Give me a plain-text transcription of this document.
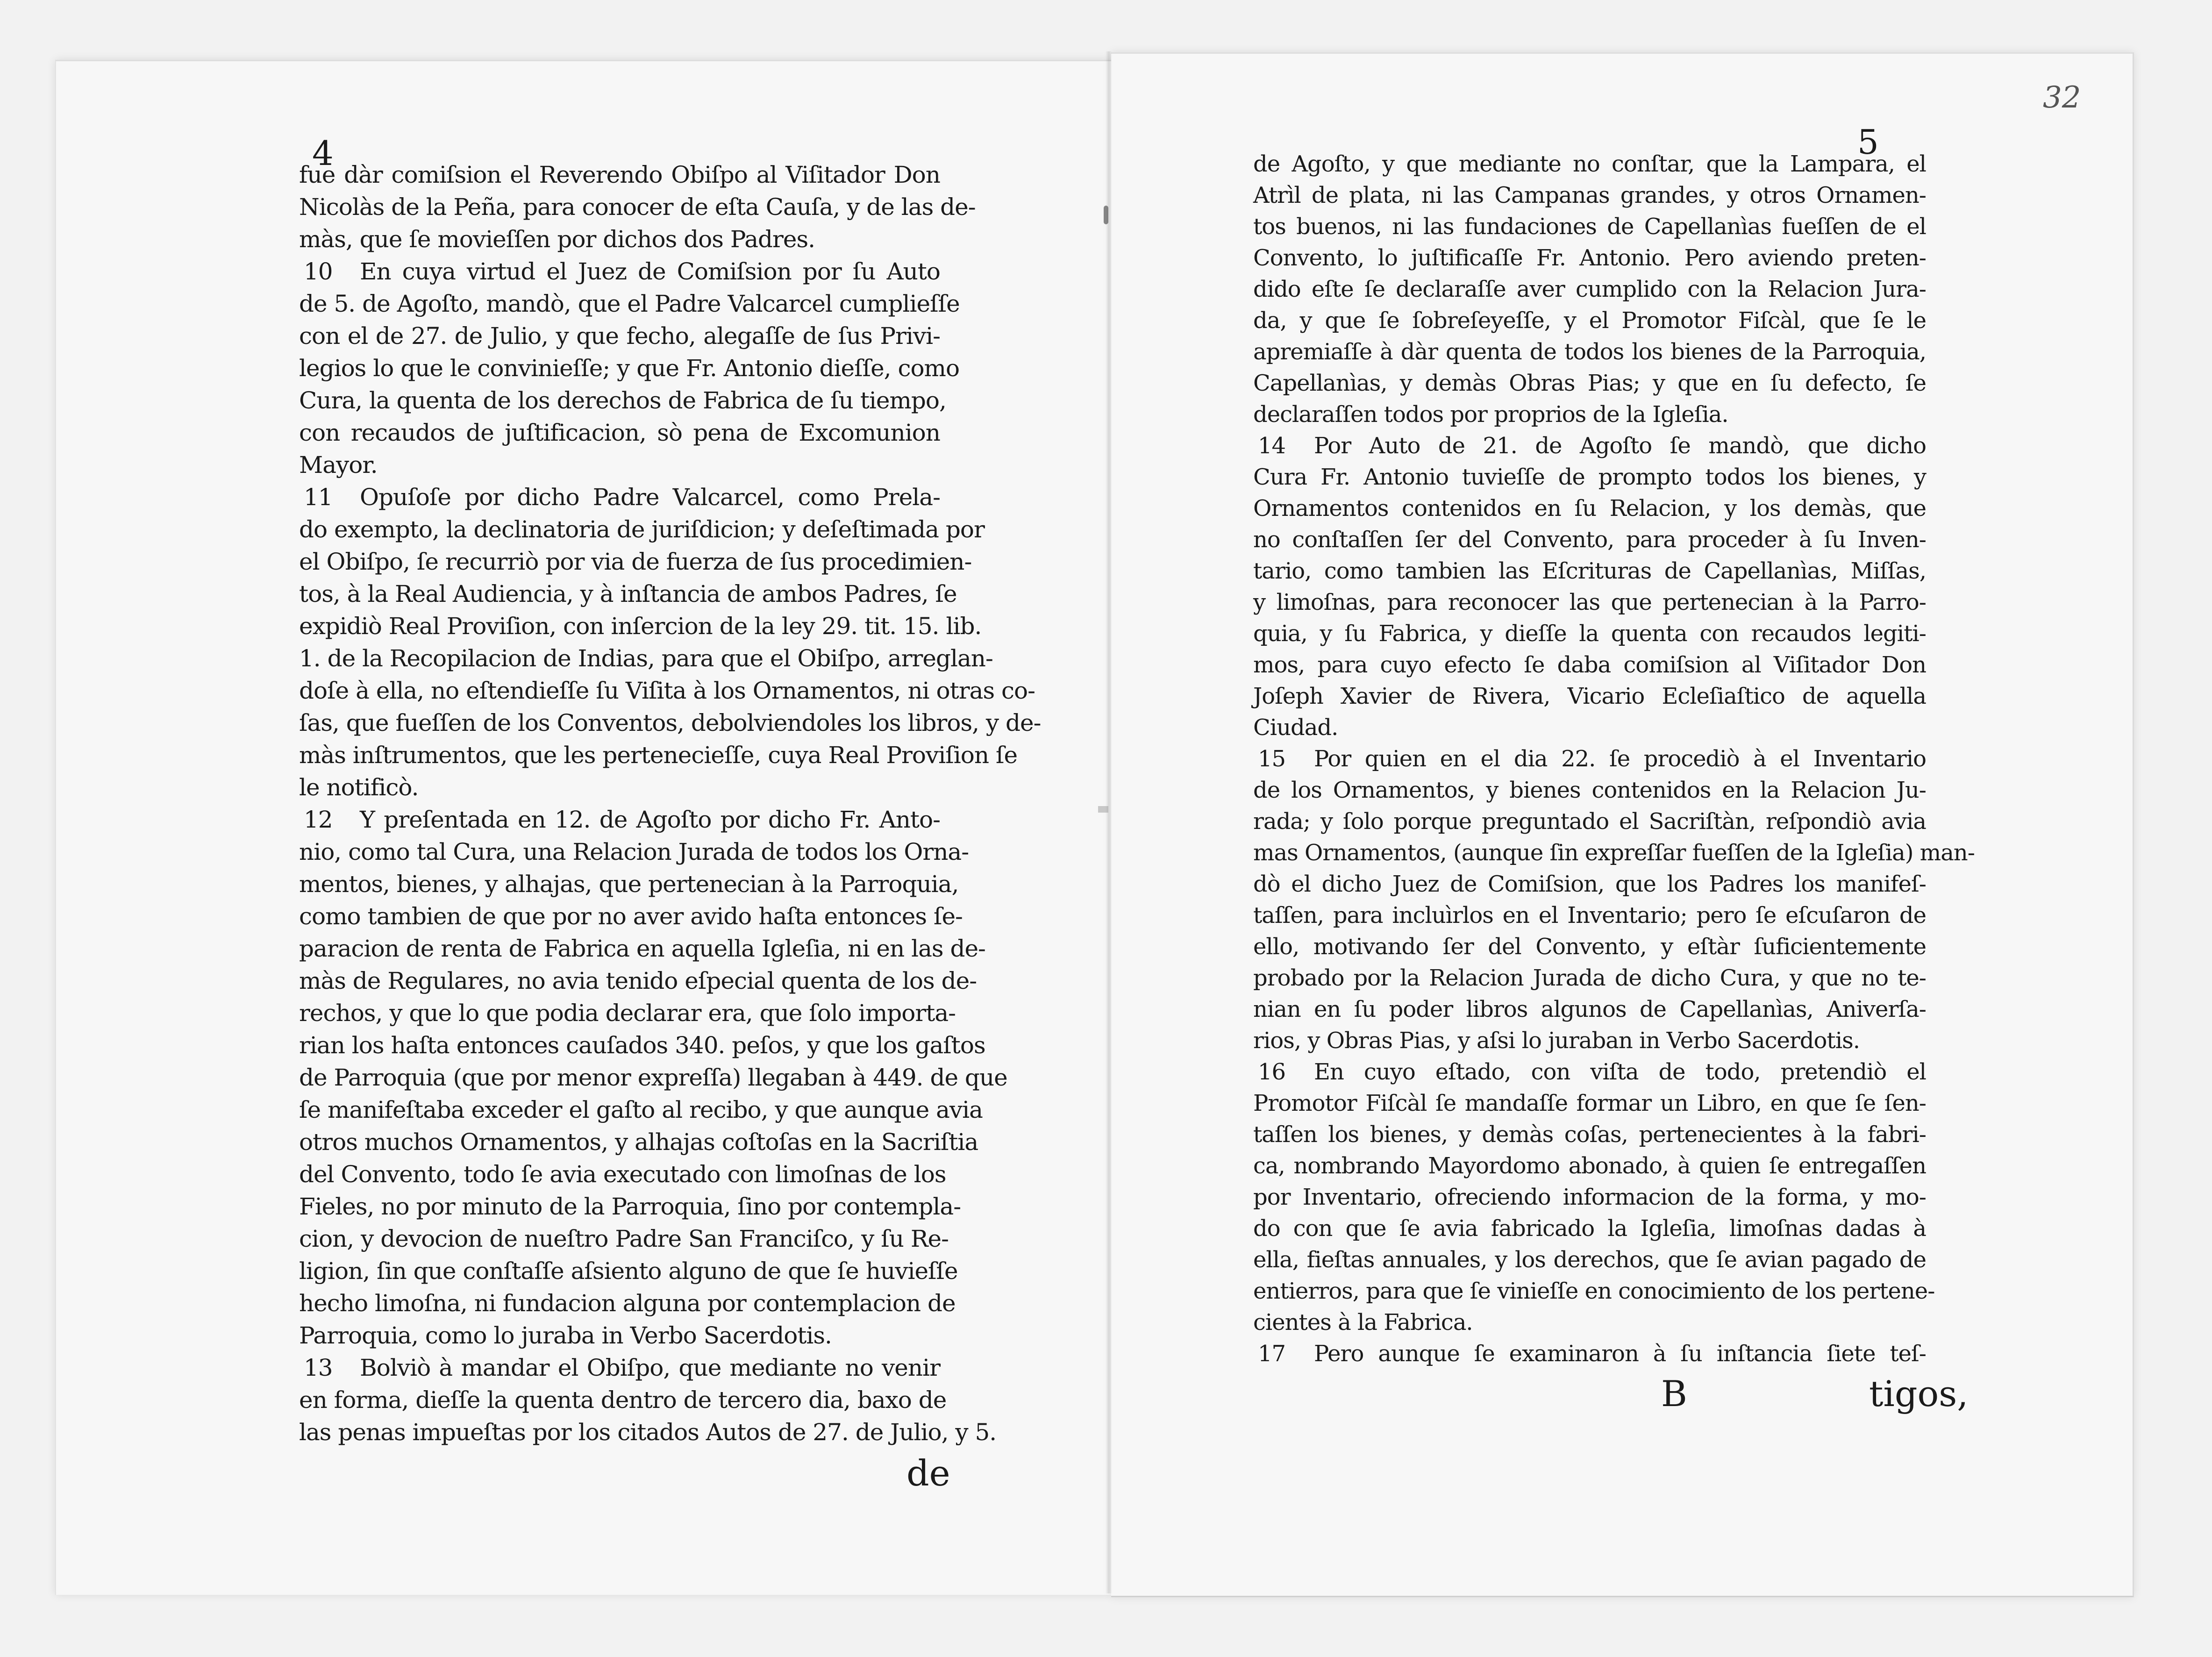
4
fue dàr comiſsion el Reverendo Obiſpo al Viſitador Don
Nicolàs de la Peña, para conocer de eſta Cauſa, y de las de-
màs, que ſe movieſſen por dichos dos Padres.
10 En cuya virtud el Juez de Comiſsion por ſu Auto
de 5. de Agoſto, mandò, que el Padre Valcarcel cumplieſſe
con el de 27. de Julio, y que fecho, alegaſſe de ſus Privi-
legios lo que le convinieſſe; y que Fr. Antonio dieſſe, como
Cura, la quenta de los derechos de Fabrica de ſu tiempo,
con recaudos de juſtificacion, sò pena de Excomunion
Mayor.
11 Opuſoſe por dicho Padre Valcarcel, como Prela-
do exempto, la declinatoria de juriſdicion; y deſeſtimada por
el Obiſpo, ſe recurriò por via de fuerza de ſus procedimien-
tos, à la Real Audiencia, y à inſtancia de ambos Padres, ſe
expidiò Real Proviſion, con inſercion de la ley 29. tit. 15. lib.
1. de la Recopilacion de Indias, para que el Obiſpo, arreglan-
doſe à ella, no eſtendieſſe ſu Viſita à los Ornamentos, ni otras co-
ſas, que fueſſen de los Conventos, debolviendoles los libros, y de-
màs inſtrumentos, que les perteneciеſſe, cuya Real Proviſion ſe
le notificò.
12 Y preſentada en 12. de Agoſto por dicho Fr. Anto-
nio, como tal Cura, una Relacion Jurada de todos los Orna-
mentos, bienes, y alhajas, que pertenecian à la Parroquia,
como tambien de que por no aver avido haſta entonces ſe-
paracion de renta de Fabrica en aquella Igleſia, ni en las de-
màs de Regulares, no avia tenido eſpecial quenta de los de-
rechos, y que lo que podia declarar era, que ſolo importa-
rian los haſta entonces cauſados 340. peſos, y que los gaſtos
de Parroquia (que por menor expreſſa) llegaban à 449. de que
ſe manifeſtaba exceder el gaſto al recibo, y que aunque avia
otros muchos Ornamentos, y alhajas coſtoſas en la Sacriſtia
del Convento, todo ſe avia executado con limoſnas de los
Fieles, no por minuto de la Parroquia, ſino por contempla-
cion, y devocion de nueſtro Padre San Franciſco, y ſu Re-
ligion, ſin que conſtaſſe aſsiento alguno de que ſe huvieſſe
hecho limoſna, ni fundacion alguna por contemplacion de
Parroquia, como lo juraba in Verbo Sacerdotis.
13 Bolviò à mandar el Obiſpo, que mediante no venir
en forma, dieſſe la quenta dentro de tercero dia, baxo de
las penas impueſtas por los citados Autos de 27. de Julio, y 5.
de
5
32
de Agoſto, y que mediante no conſtar, que la Lampara, el
Atrìl de plata, ni las Campanas grandes, y otros Ornamen-
tos buenos, ni las fundaciones de Capellanìas fueſſen de el
Convento, lo juſtificaſſe Fr. Antonio. Pero aviendo preten-
dido eſte ſe declaraſſe aver cumplido con la Relacion Jura-
da, y que ſe ſobreſeyeſſe, y el Promotor Fiſcàl, que ſe le
apremiaſſe à dàr quenta de todos los bienes de la Parroquia,
Capellanìas, y demàs Obras Pias; y que en ſu defecto, ſe
declaraſſen todos por proprios de la Igleſia.
14 Por Auto de 21. de Agoſto ſe mandò, que dicho
Cura Fr. Antonio tuvieſſe de prompto todos los bienes, y
Ornamentos contenidos en ſu Relacion, y los demàs, que
no conſtaſſen ſer del Convento, para proceder à ſu Inven-
tario, como tambien las Eſcrituras de Capellanìas, Miſſas,
y limoſnas, para reconocer las que pertenecian à la Parro-
quia, y ſu Fabrica, y dieſſe la quenta con recaudos legiti-
mos, para cuyo efecto ſe daba comiſsion al Viſitador Don
Joſeph Xavier de Rivera, Vicario Ecleſiaſtico de aquella
Ciudad.
15 Por quien en el dia 22. ſe procediò à el Inventario
de los Ornamentos, y bienes contenidos en la Relacion Ju-
rada; y ſolo porque preguntado el Sacriſtàn, reſpondiò avia
mas Ornamentos, (aunque ſin expreſſar fueſſen de la Igleſia) man-
dò el dicho Juez de Comiſsion, que los Padres los manifeſ-
taſſen, para incluìrlos en el Inventario; pero ſe eſcuſaron de
ello, motivando ſer del Convento, y eſtàr ſuficientemente
probado por la Relacion Jurada de dicho Cura, y que no te-
nian en ſu poder libros algunos de Capellanìas, Aniverſa-
rios, y Obras Pias, y aſsi lo juraban in Verbo Sacerdotis.
16 En cuyo eſtado, con viſta de todo, pretendiò el
Promotor Fiſcàl ſe mandaſſe formar un Libro, en que ſe ſen-
taſſen los bienes, y demàs coſas, pertenecientes à la fabri-
ca, nombrando Mayordomo abonado, à quien ſe entregaſſen
por Inventario, ofreciendo informacion de la forma, y mo-
do con que ſe avia fabricado la Igleſia, limoſnas dadas à
ella, fieſtas annuales, y los derechos, que ſe avian pagado de
entierros, para que ſe vinieſſe en conocimiento de los pertene-
cientes à la Fabrica.
17 Pero aunque ſe examinaron à ſu inſtancia ſiete teſ-
B	tigos,
